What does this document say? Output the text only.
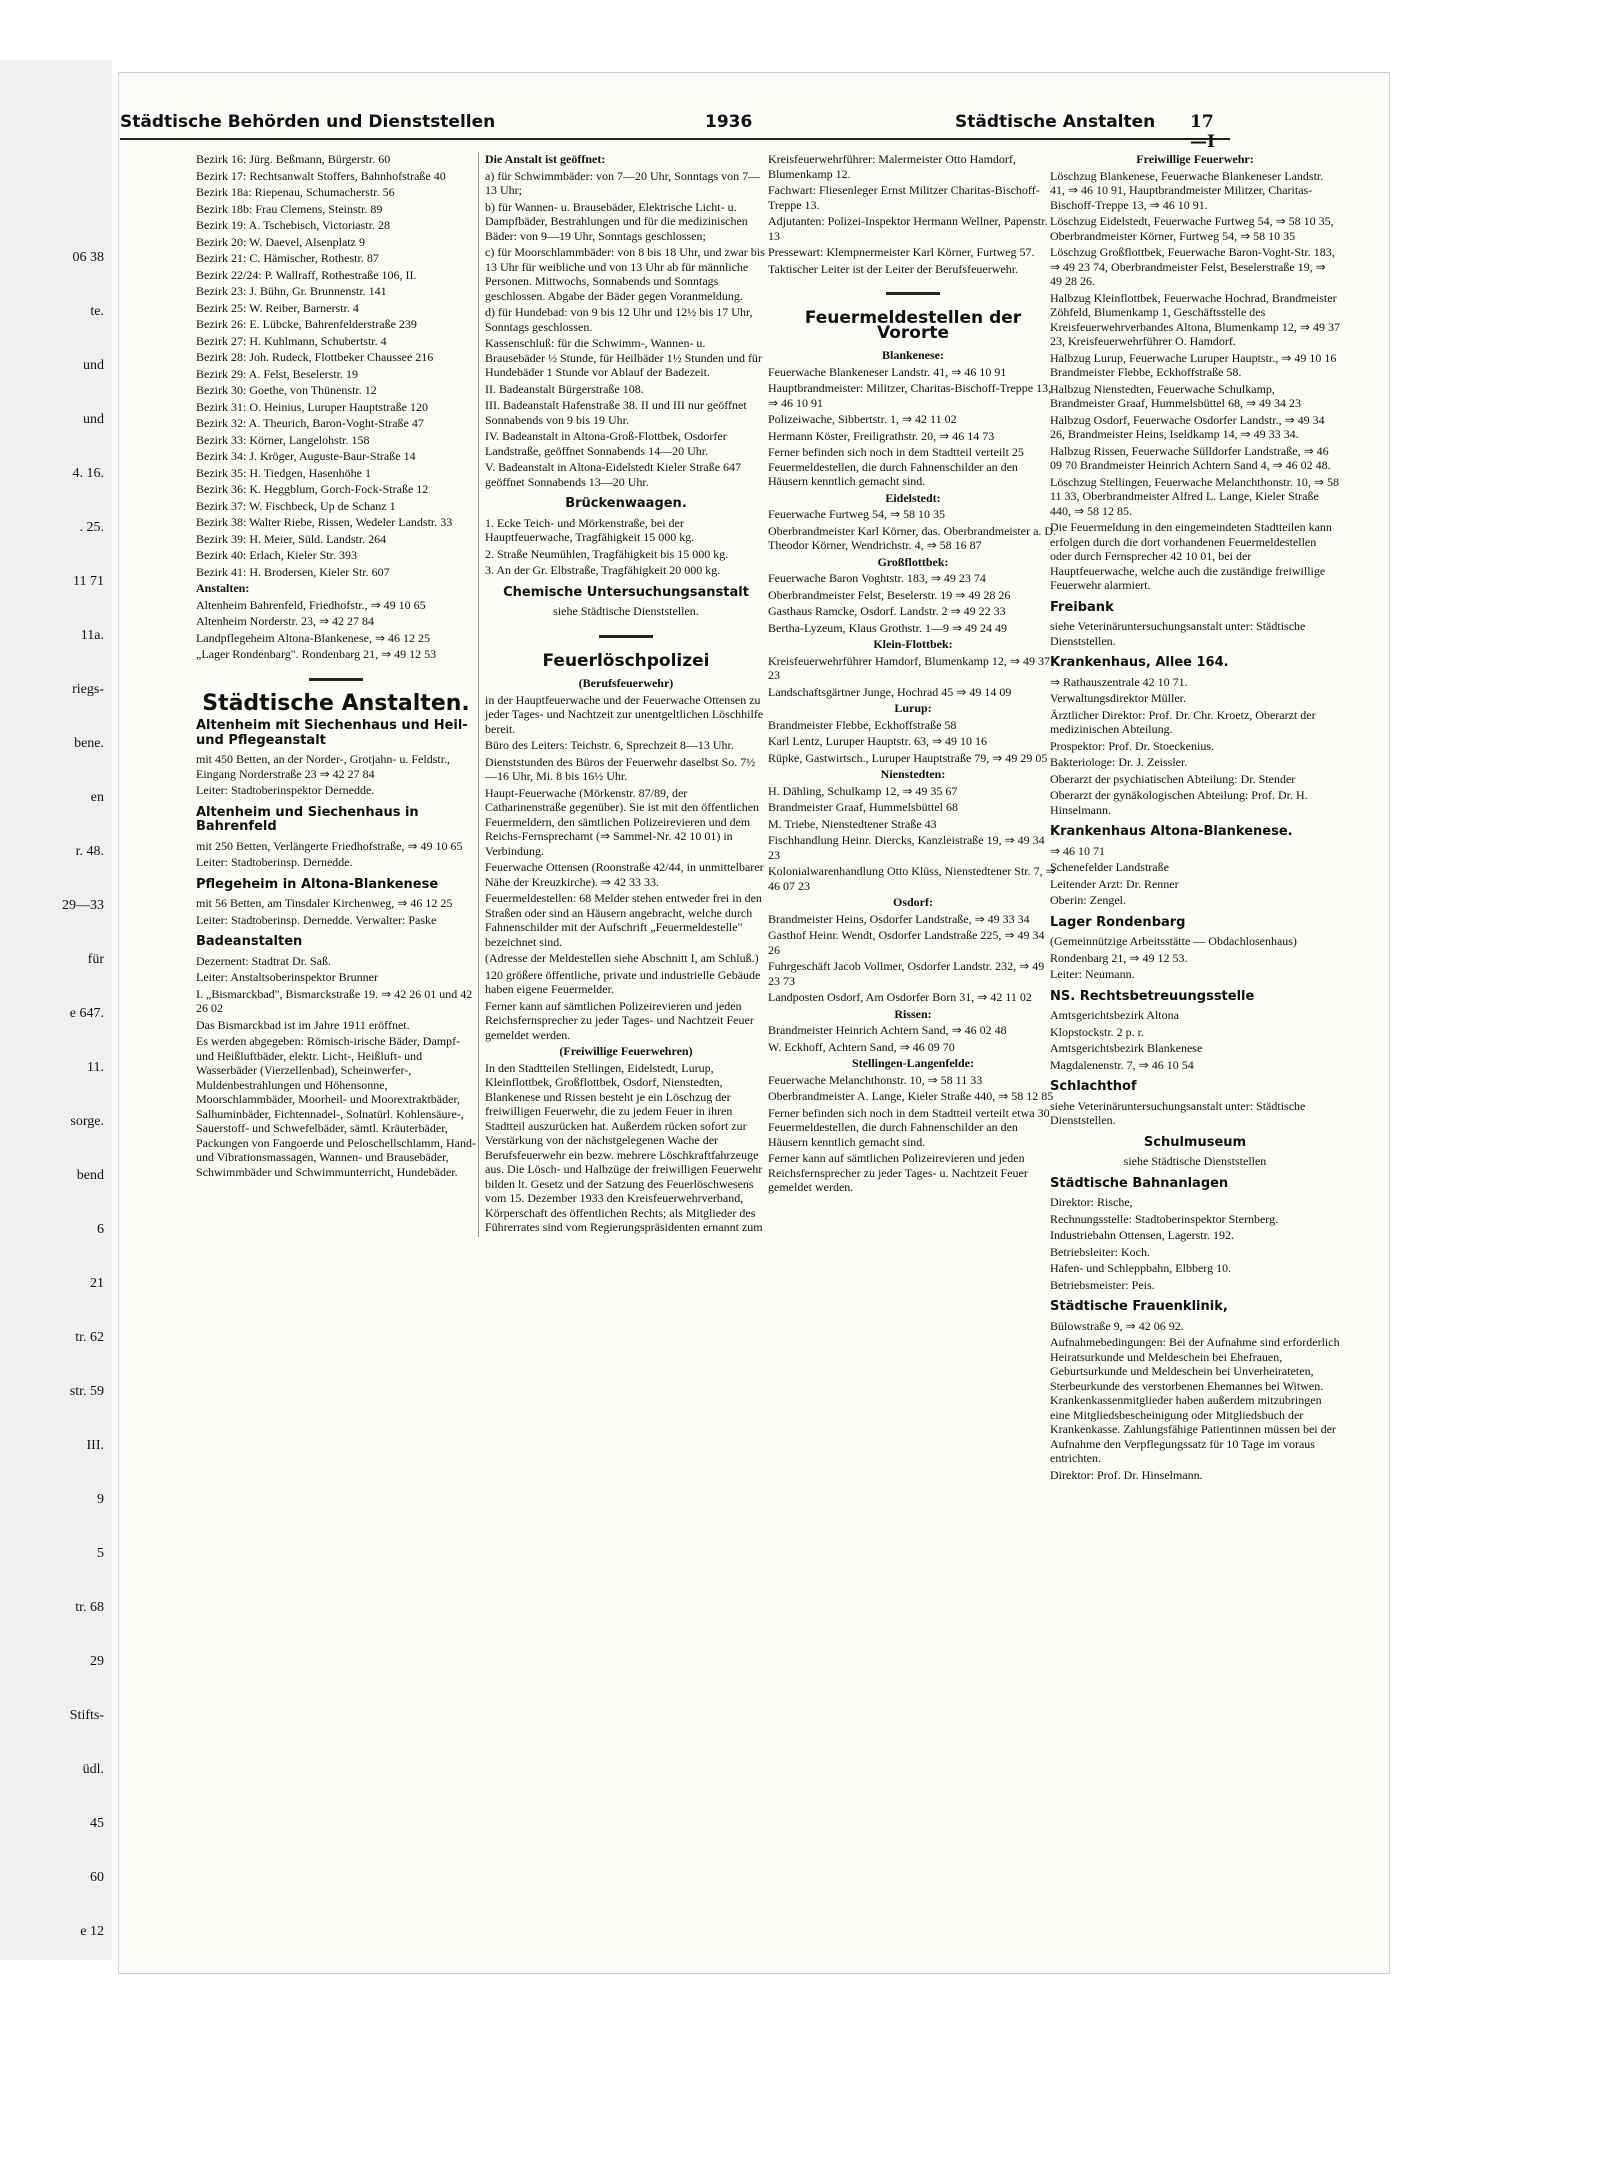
06 38
te.
und
und
4. 16.
. 25.
11 71
11a.
riegs-
bene.
en
r. 48.
29—33
für
e 647.
11.
sorge.
bend
6
21
tr. 62
str. 59
III.
9
5
tr. 68
29
Stifts-
üdl.
45
60
e 12
Städtische Behörden und Dienststellen	1936	Städtische Anstalten 17—I

Bezirk 16: Jürg. Beßmann, Bürgerstr. 60

Bezirk 17: Rechtsanwalt Stoffers, Bahnhofstraße 40

Bezirk 18a: Riepenau, Schumacherstr. 56

Bezirk 18b: Frau Clemens, Steinstr. 89

Bezirk 19: A. Tschebisch, Victoriastr. 28

Bezirk 20: W. Daevel, Alsenplatz 9

Bezirk 21: C. Hämischer, Rothestr. 87

Bezirk 22/24: P. Wallraff, Rothestraße 106, II.

Bezirk 23: J. Bühn, Gr. Brunnenstr. 141

Bezirk 25: W. Reiber, Barnerstr. 4

Bezirk 26: E. Lübcke, Bahrenfelderstraße 239

Bezirk 27: H. Kuhlmann, Schubertstr. 4

Bezirk 28: Joh. Rudeck, Flottbeker Chaussee 216

Bezirk 29: A. Felst, Beselerstr. 19

Bezirk 30: Goethe, von Thünenstr. 12

Bezirk 31: O. Heinius, Luruper Hauptstraße 120

Bezirk 32: A. Theurich, Baron-Voght-Straße 47

Bezirk 33: Körner, Langelohstr. 158

Bezirk 34: J. Kröger, Auguste-Baur-Straße 14

Bezirk 35: H. Tiedgen, Hasenhöhe 1

Bezirk 36: K. Heggblum, Gorch-Fock-Straße 12

Bezirk 37: W. Fischbeck, Up de Schanz 1

Bezirk 38: Walter Riebe, Rissen, Wedeler Landstr. 33

Bezirk 39: H. Meier, Süld. Landstr. 264

Bezirk 40: Erlach, Kieler Str. 393

Bezirk 41: H. Brodersen, Kieler Str. 607

Anstalten:

Altenheim Bahrenfeld, Friedhofstr., ⇒ 49 10 65

Altenheim Norderstr. 23, ⇒ 42 27 84

Landpflegeheim Altona-Blankenese, ⇒ 46 12 25

„Lager Rondenbarg". Rondenbarg 21, ⇒ 49 12 53

Städtische Anstalten.
Altenheim mit Siechenhaus und Heil- und Pflegeanstalt

mit 450 Betten, an der Norder-, Grotjahn- u. Feldstr., Eingang Norderstraße 23 ⇒ 42 27 84

Leiter: Stadtoberinspektor Dernedde.

Altenheim und Siechenhaus in Bahrenfeld

mit 250 Betten, Verlängerte Friedhofstraße, ⇒ 49 10 65

Leiter: Stadtoberinsp. Dernedde.

Pflegeheim in Altona-Blankenese

mit 56 Betten, am Tinsdaler Kirchenweg, ⇒ 46 12 25

Leiter: Stadtoberinsp. Dernedde. Verwalter: Paske

Badeanstalten

Dezernent: Stadtrat Dr. Saß.

Leiter: Anstaltsoberinspektor Brunner

I. „Bismarckbad", Bismarckstraße 19. ⇒ 42 26 01 und 42 26 02

Das Bismarckbad ist im Jahre 1911 eröffnet.

Es werden abgegeben: Römisch-irische Bäder, Dampf- und Heißluftbäder, elektr. Licht-, Heißluft- und Wasserbäder (Vierzellenbad), Scheinwerfer-, Muldenbestrahlungen und Höhensonne, Moorschlammbäder, Moorheil- und Moorextraktbäder, Salhuminbäder, Fichtennadel-, Solnatürl. Kohlensäure-, Sauerstoff- und Schwefelbäder, sämtl. Kräuterbäder, Packungen von Fangoerde und Peloschellschlamm, Hand- und Vibrationsmassagen, Wannen- und Brausebäder, Schwimmbäder und Schwimmunterricht, Hundebäder.

Die Anstalt ist geöffnet:

a) für Schwimmbäder: von 7—20 Uhr, Sonntags von 7—13 Uhr;

b) für Wannen- u. Brausebäder, Elektrische Licht- u. Dampfbäder, Bestrahlungen und für die medizinischen Bäder: von 9—19 Uhr, Sonntags geschlossen;

c) für Moorschlammbäder: von 8 bis 18 Uhr, und zwar bis 13 Uhr für weibliche und von 13 Uhr ab für männliche Personen. Mittwochs, Sonnabends und Sonntags geschlossen. Abgabe der Bäder gegen Voranmeldung.

d) für Hundebad: von 9 bis 12 Uhr und 12½ bis 17 Uhr, Sonntags geschlossen.

Kassenschluß: für die Schwimm-, Wannen- u. Brausebäder ½ Stunde, für Heilbäder 1½ Stunden und für Hundebäder 1 Stunde vor Ablauf der Badezeit.

II. Badeanstalt Bürgerstraße 108.

III. Badeanstalt Hafenstraße 38. II und III nur geöffnet Sonnabends von 9 bis 19 Uhr.

IV. Badeanstalt in Altona-Groß-Flottbek, Osdorfer Landstraße, geöffnet Sonnabends 14—20 Uhr.

V. Badeanstalt in Altona-Eidelstedt Kieler Straße 647 geöffnet Sonnabends 13—20 Uhr.

Brückenwaagen.

1. Ecke Teich- und Mörkenstraße, bei der Hauptfeuerwache, Tragfähigkeit 15 000 kg.

2. Straße Neumühlen, Tragfähigkeit bis 15 000 kg.

3. An der Gr. Elbstraße, Tragfähigkeit 20 000 kg.

Chemische Untersuchungsanstalt

siehe Städtische Dienststellen.

Feuerlöschpolizei

(Berufsfeuerwehr)

in der Hauptfeuerwache und der Feuerwache Ottensen zu jeder Tages- und Nachtzeit zur unentgeltlichen Löschhilfe bereit.

Büro des Leiters: Teichstr. 6, Sprechzeit 8—13 Uhr.

Dienststunden des Büros der Feuerwehr daselbst So. 7½—16 Uhr, Mi. 8 bis 16½ Uhr.

Haupt-Feuerwache (Mörkenstr. 87/89, der Catharinenstraße gegenüber). Sie ist mit den öffentlichen Feuermeldern, den sämtlichen Polizeirevieren und dem Reichs-Fernsprechamt (⇒ Sammel-Nr. 42 10 01) in Verbindung.

Feuerwache Ottensen (Roonstraße 42/44, in unmittelbarer Nähe der Kreuzkirche). ⇒ 42 33 33.

Feuermeldestellen: 68 Melder stehen entweder frei in den Straßen oder sind an Häusern angebracht, welche durch Fahnenschilder mit der Aufschrift „Feuermeldestelle" bezeichnet sind.

(Adresse der Meldestellen siehe Abschnitt I, am Schluß.)

120 größere öffentliche, private und industrielle Gebäude haben eigene Feuermelder.

Ferner kann auf sämtlichen Polizeirevieren und jeden Reichsfernsprecher zu jeder Tages- und Nachtzeit Feuer gemeldet werden.

(Freiwillige Feuerwehren)

In den Stadtteilen Stellingen, Eidelstedt, Lurup, Kleinflottbek, Großflottbek, Osdorf, Nienstedten, Blankenese und Rissen besteht je ein Löschzug der freiwilligen Feuerwehr, die zu jedem Feuer in ihren Stadtteil auszurücken hat. Außerdem rücken sofort zur Verstärkung von der nächstgelegenen Wache der Berufsfeuerwehr ein bezw. mehrere Löschkraftfahrzeuge aus. Die Lösch- und Halbzüge der freiwilligen Feuerwehr bilden lt. Gesetz und der Satzung des Feuerlöschwesens vom 15. Dezember 1933 den Kreisfeuerwehrverband, Körperschaft des öffentlichen Rechts; als Mitglieder des Führerrates sind vom Regierungspräsidenten ernannt zum

Kreisfeuerwehrführer: Malermeister Otto Hamdorf, Blumenkamp 12.

Fachwart: Fliesenleger Ernst Militzer Charitas-Bischoff-Treppe 13.

Adjutanten: Polizei-Inspektor Hermann Wellner, Papenstr. 13

Pressewart: Klempnermeister Karl Körner, Furtweg 57.

Taktischer Leiter ist der Leiter der Berufsfeuerwehr.

Feuermeldestellen der Vororte

Blankenese:

Feuerwache Blankeneser Landstr. 41, ⇒ 46 10 91

Hauptbrandmeister: Militzer, Charitas-Bischoff-Treppe 13, ⇒ 46 10 91

Polizeiwache, Sibbertstr. 1, ⇒ 42 11 02

Hermann Köster, Freiligrathstr. 20, ⇒ 46 14 73

Ferner befinden sich noch in dem Stadtteil verteilt 25 Feuermeldestellen, die durch Fahnenschilder an den Häusern kenntlich gemacht sind.

Eidelstedt:

Feuerwache Furtweg 54, ⇒ 58 10 35

Oberbrandmeister Karl Körner, das. Oberbrandmeister a. D. Theodor Körner, Wendrichstr. 4, ⇒ 58 16 87

Großflottbek:

Feuerwache Baron Voghtstr. 183, ⇒ 49 23 74

Oberbrandmeister Felst, Beselerstr. 19 ⇒ 49 28 26

Gasthaus Ramcke, Osdorf. Landstr. 2 ⇒ 49 22 33

Bertha-Lyzeum, Klaus Grothstr. 1—9 ⇒ 49 24 49

Klein-Flottbek:

Kreisfeuerwehrführer Hamdorf, Blumenkamp 12, ⇒ 49 37 23

Landschaftsgärtner Junge, Hochrad 45 ⇒ 49 14 09

Lurup:

Brandmeister Flebbe, Eckhoffstraße 58

Karl Lentz, Luruper Hauptstr. 63, ⇒ 49 10 16

Rüpke, Gastwirtsch., Luruper Hauptstraße 79, ⇒ 49 29 05

Nienstedten:

H. Dähling, Schulkamp 12, ⇒ 49 35 67

Brandmeister Graaf, Hummelsbüttel 68

M. Triebe, Nienstedtener Straße 43

Fischhandlung Heinr. Diercks, Kanzleistraße 19, ⇒ 49 34 23

Kolonialwarenhandlung Otto Klüss, Nienstedtener Str. 7, ⇒ 46 07 23

Osdorf:

Brandmeister Heins, Osdorfer Landstraße, ⇒ 49 33 34

Gasthof Heinr. Wendt, Osdorfer Landstraße 225, ⇒ 49 34 26

Fuhrgeschäft Jacob Vollmer, Osdorfer Landstr. 232, ⇒ 49 23 73

Landposten Osdorf, Am Osdorfer Born 31, ⇒ 42 11 02

Rissen:

Brandmeister Heinrich Achtern Sand, ⇒ 46 02 48

W. Eckhoff, Achtern Sand, ⇒ 46 09 70

Stellingen-Langenfelde:

Feuerwache Melanchthonstr. 10, ⇒ 58 11 33

Oberbrandmeister A. Lange, Kieler Straße 440, ⇒ 58 12 85

Ferner befinden sich noch in dem Stadtteil verteilt etwa 30 Feuermeldestellen, die durch Fahnenschilder an den Häusern kenntlich gemacht sind.

Ferner kann auf sämtlichen Polizeirevieren und jeden Reichsfernsprecher zu jeder Tages- u. Nachtzeit Feuer gemeldet werden.

Freiwillige Feuerwehr:

Löschzug Blankenese, Feuerwache Blankeneser Landstr. 41, ⇒ 46 10 91, Hauptbrandmeister Militzer, Charitas-Bischoff-Treppe 13, ⇒ 46 10 91.

Löschzug Eidelstedt, Feuerwache Furtweg 54, ⇒ 58 10 35, Oberbrandmeister Körner, Furtweg 54, ⇒ 58 10 35

Löschzug Großflottbek, Feuerwache Baron-Voght-Str. 183, ⇒ 49 23 74, Oberbrandmeister Felst, Beselerstraße 19, ⇒ 49 28 26.

Halbzug Kleinflottbek, Feuerwache Hochrad, Brandmeister Zöhfeld, Blumenkamp 1, Geschäftsstelle des Kreisfeuerwehrverbandes Altona, Blumenkamp 12, ⇒ 49 37 23, Kreisfeuerwehrführer O. Hamdorf.

Halbzug Lurup, Feuerwache Luruper Hauptstr., ⇒ 49 10 16 Brandmeister Flebbe, Eckhoffstraße 58.

Halbzug Nienstedten, Feuerwache Schulkamp, Brandmeister Graaf, Hummelsbüttel 68, ⇒ 49 34 23

Halbzug Osdorf, Feuerwache Osdorfer Landstr., ⇒ 49 34 26, Brandmeister Heins, Iseldkamp 14, ⇒ 49 33 34.

Halbzug Rissen, Feuerwache Sülldorfer Landstraße, ⇒ 46 09 70 Brandmeister Heinrich Achtern Sand 4, ⇒ 46 02 48.

Löschzug Stellingen, Feuerwache Melanchthonstr. 10, ⇒ 58 11 33, Oberbrandmeister Alfred L. Lange, Kieler Straße 440, ⇒ 58 12 85.

Die Feuermeldung in den eingemeindeten Stadtteilen kann erfolgen durch die dort vorhandenen Feuermeldestellen oder durch Fernsprecher 42 10 01, bei der Hauptfeuerwache, welche auch die zuständige freiwillige Feuerwehr alarmiert.

Freibank

siehe Veterinäruntersuchungsanstalt unter: Städtische Dienststellen.

Krankenhaus, Allee 164.

⇒ Rathauszentrale 42 10 71.

Verwaltungsdirektor Müller.

Ärztlicher Direktor: Prof. Dr. Chr. Kroetz, Oberarzt der medizinischen Abteilung.

Prospektor: Prof. Dr. Stoeckenius.

Bakteriologe: Dr. J. Zeissler.

Oberarzt der psychiatischen Abteilung: Dr. Stender

Oberarzt der gynäkologischen Abteilung: Prof. Dr. H. Hinselmann.

Krankenhaus Altona-Blankenese.

⇒ 46 10 71

Schenefelder Landstraße

Leitender Arzt: Dr. Renner

Oberin: Zengel.

Lager Rondenbarg

(Gemeinnützige Arbeitsstätte — Obdachlosenhaus)

Rondenbarg 21, ⇒ 49 12 53.

Leiter: Neumann.

NS. Rechtsbetreuungsstelle

Amtsgerichtsbezirk Altona

Klopstockstr. 2 p. r.

Amtsgerichtsbezirk Blankenese

Magdalenenstr. 7, ⇒ 46 10 54

Schlachthof

siehe Veterinäruntersuchungsanstalt unter: Städtische Dienststellen.

Schulmuseum

siehe Städtische Dienststellen

Städtische Bahnanlagen

Direktor: Rische,

Rechnungsstelle: Stadtoberinspektor Sternberg.

Industriebahn Ottensen, Lagerstr. 192.

Betriebsleiter: Koch.

Hafen- und Schleppbahn, Elbberg 10.

Betriebsmeister: Peis.

Städtische Frauenklinik,

Bülowstraße 9, ⇒ 42 06 92.

Aufnahmebedingungen: Bei der Aufnahme sind erforderlich Heiratsurkunde und Meldeschein bei Ehefrauen, Geburtsurkunde und Meldeschein bei Unverheirateten, Sterbeurkunde des verstorbenen Ehemannes bei Witwen. Krankenkassenmitglieder haben außerdem mitzubringen eine Mitgliedsbescheinigung oder Mitgliedsbuch der Krankenkasse. Zahlungsfähige Patientinnen müssen bei der Aufnahme den Verpflegungssatz für 10 Tage im voraus entrichten.

Direktor: Prof. Dr. Hinselmann.
